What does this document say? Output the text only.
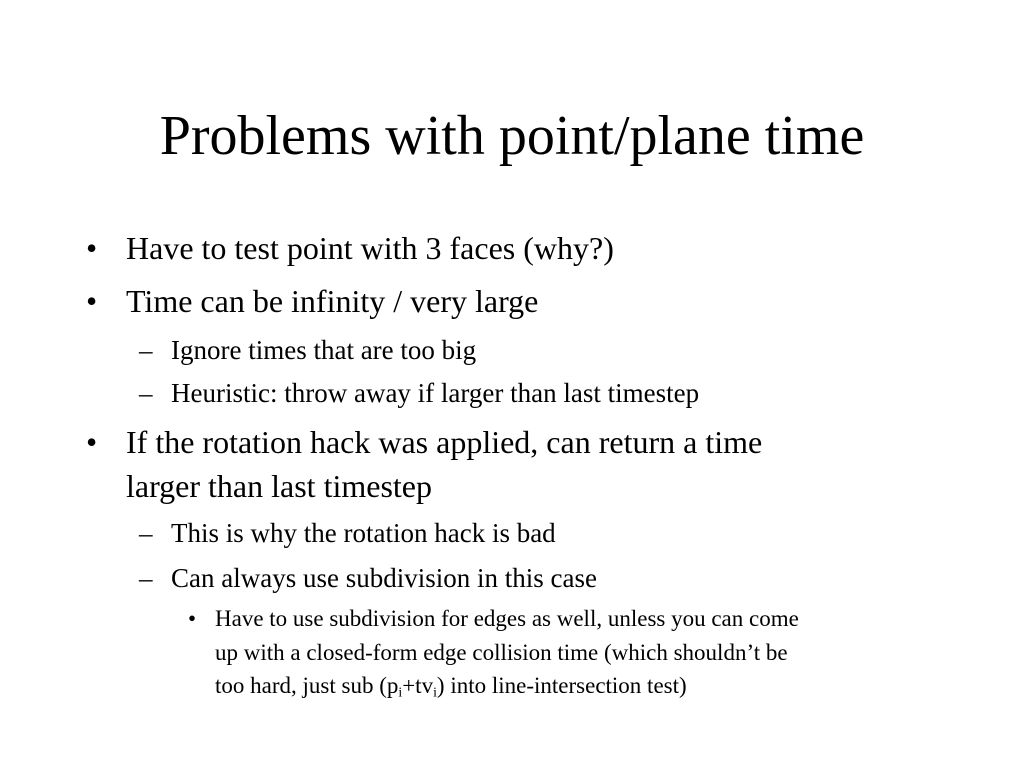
Problems with point/plane time
• Have to test point with 3 faces (why?)
• Time can be infinity / very large
– Ignore times that are too big
– Heuristic: throw away if larger than last timestep
• If the rotation hack was applied, can return a time
larger than last timestep
– This is why the rotation hack is bad
– Can always use subdivision in this case
• Have to use subdivision for edges as well, unless you can come
up with a closed-form edge collision time (which shouldn’t be
too hard, just sub $(p_i+tv_i)$ into line-intersection test)
